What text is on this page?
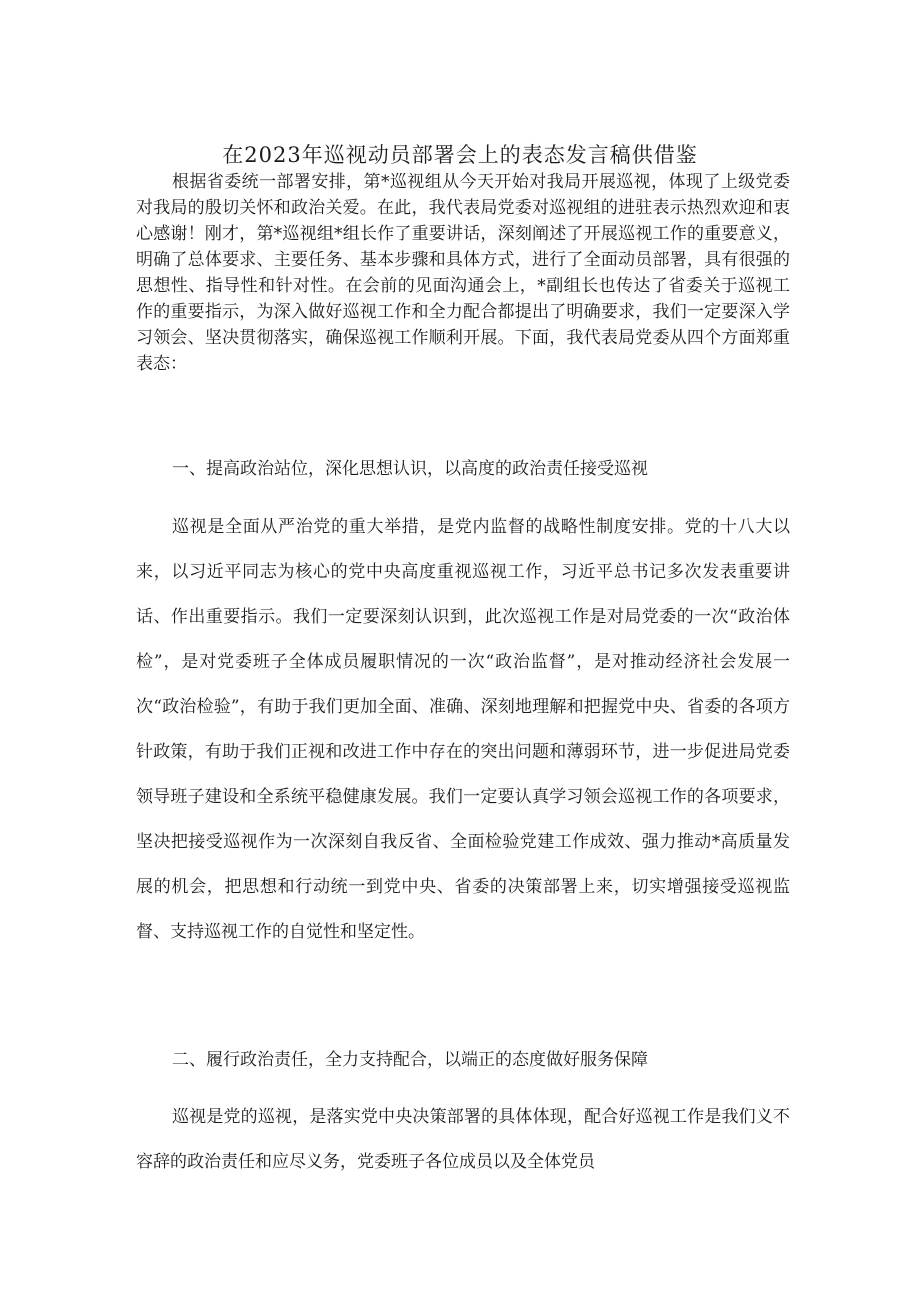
在2023年巡视动员部署会上的表态发言稿供借鉴

根据省委统一部署安排，第*巡视组从今天开始对我局开展巡视，体现了上级党委对我局的殷切关怀和政治关爱。在此，我代表局党委对巡视组的进驻表示热烈欢迎和衷心感谢！刚才，第*巡视组*组长作了重要讲话，深刻阐述了开展巡视工作的重要意义，明确了总体要求、主要任务、基本步骤和具体方式，进行了全面动员部署，具有很强的思想性、指导性和针对性。在会前的见面沟通会上，*副组长也传达了省委关于巡视工作的重要指示，为深入做好巡视工作和全力配合都提出了明确要求，我们一定要深入学习领会、坚决贯彻落实，确保巡视工作顺利开展。下面，我代表局党委从四个方面郑重表态：

一、提高政治站位，深化思想认识，以高度的政治责任接受巡视

巡视是全面从严治党的重大举措，是党内监督的战略性制度安排。党的十八大以来，以习近平同志为核心的党中央高度重视巡视工作，习近平总书记多次发表重要讲话、作出重要指示。我们一定要深刻认识到，此次巡视工作是对局党委的一次“政治体检”，是对党委班子全体成员履职情况的一次“政治监督”，是对推动经济社会发展一次“政治检验”，有助于我们更加全面、准确、深刻地理解和把握党中央、省委的各项方针政策，有助于我们正视和改进工作中存在的突出问题和薄弱环节，进一步促进局党委领导班子建设和全系统平稳健康发展。我们一定要认真学习领会巡视工作的各项要求，坚决把接受巡视作为一次深刻自我反省、全面检验党建工作成效、强力推动*高质量发展的机会，把思想和行动统一到党中央、省委的决策部署上来，切实增强接受巡视监督、支持巡视工作的自觉性和坚定性。

二、履行政治责任，全力支持配合，以端正的态度做好服务保障

巡视是党的巡视，是落实党中央决策部署的具体体现，配合好巡视工作是我们义不容辞的政治责任和应尽义务，党委班子各位成员以及全体党员
